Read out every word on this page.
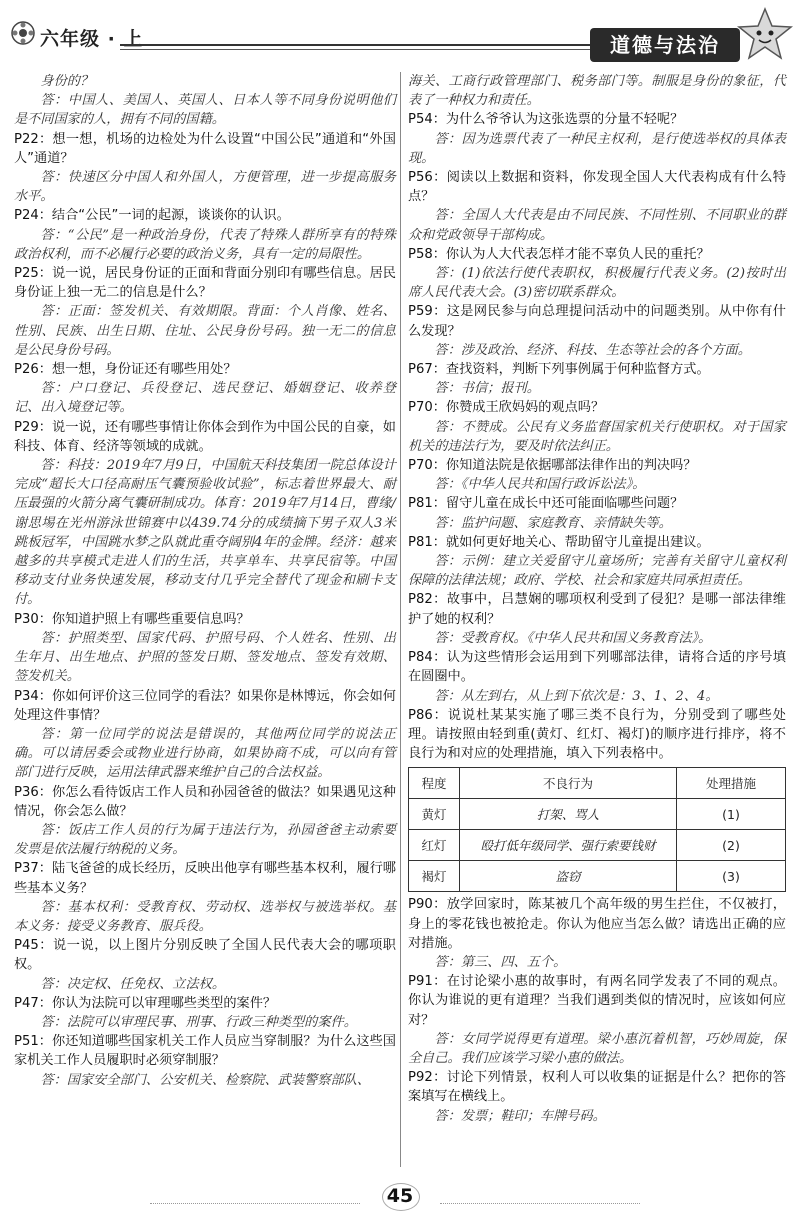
六年级 · 上	道德与法治

身份的？

答：中国人、美国人、英国人、日本人等不同身份说明他们是不同国家的人，拥有不同的国籍。

P22：想一想，机场的边检处为什么设置“中国公民”通道和“外国人”通道？

答：快速区分中国人和外国人，方便管理，进一步提高服务水平。

P24：结合“公民”一词的起源，谈谈你的认识。

答：“公民”是一种政治身份，代表了特殊人群所享有的特殊政治权利，而不必履行必要的政治义务，具有一定的局限性。

P25：说一说，居民身份证的正面和背面分别印有哪些信息。居民身份证上独一无二的信息是什么？

答：正面：签发机关、有效期限。背面：个人肖像、姓名、性别、民族、出生日期、住址、公民身份号码。独一无二的信息是公民身份号码。

P26：想一想，身份证还有哪些用处？

答：户口登记、兵役登记、选民登记、婚姻登记、收养登记、出入境登记等。

P29：说一说，还有哪些事情让你体会到作为中国公民的自豪，如科技、体育、经济等领域的成就。

答：科技：2019年7月9日，中国航天科技集团一院总体设计完成“超长大口径高耐压气囊预验收试验”，标志着世界最大、耐压最强的火箭分离气囊研制成功。体育：2019年7月14日，曹缘/谢思埸在光州游泳世锦赛中以439.74分的成绩摘下男子双人3米跳板冠军，中国跳水梦之队就此重夺阔别4年的金牌。经济：越来越多的共享模式走进人们的生活，共享单车、共享民宿等。中国移动支付业务快速发展，移动支付几乎完全替代了现金和刷卡支付。

P30：你知道护照上有哪些重要信息吗？

答：护照类型、国家代码、护照号码、个人姓名、性别、出生年月、出生地点、护照的签发日期、签发地点、签发有效期、签发机关。

P34：你如何评价这三位同学的看法？如果你是林博远，你会如何处理这件事情？

答：第一位同学的说法是错误的，其他两位同学的说法正确。可以请居委会或物业进行协商，如果协商不成，可以向有管部门进行反映，运用法律武器来维护自己的合法权益。

P36：你怎么看待饭店工作人员和孙园爸爸的做法？如果遇见这种情况，你会怎么做？

答：饭店工作人员的行为属于违法行为，孙园爸爸主动索要发票是依法履行纳税的义务。

P37：陆飞爸爸的成长经历，反映出他享有哪些基本权利，履行哪些基本义务？

答：基本权利：受教育权、劳动权、选举权与被选举权。基本义务：接受义务教育、服兵役。

P45：说一说，以上图片分别反映了全国人民代表大会的哪项职权。

答：决定权、任免权、立法权。

P47：你认为法院可以审理哪些类型的案件？

答：法院可以审理民事、刑事、行政三种类型的案件。

P51：你还知道哪些国家机关工作人员应当穿制服？为什么这些国家机关工作人员履职时必须穿制服？

答：国家安全部门、公安机关、检察院、武装警察部队、

海关、工商行政管理部门、税务部门等。制服是身份的象征，代表了一种权力和责任。

P54：为什么爷爷认为这张选票的分量不轻呢？

答：因为选票代表了一种民主权利，是行使选举权的具体表现。

P56：阅读以上数据和资料，你发现全国人大代表构成有什么特点？

答：全国人大代表是由不同民族、不同性别、不同职业的群众和党政领导干部构成。

P58：你认为人大代表怎样才能不辜负人民的重托？

答：(1)依法行使代表职权，积极履行代表义务。(2)按时出席人民代表大会。(3)密切联系群众。

P59：这是网民参与向总理提问活动中的问题类别。从中你有什么发现？

答：涉及政治、经济、科技、生态等社会的各个方面。

P67：查找资料，判断下列事例属于何种监督方式。

答：书信；报刊。

P70：你赞成王欣妈妈的观点吗？

答：不赞成。公民有义务监督国家机关行使职权。对于国家机关的违法行为，要及时依法纠正。

P70：你知道法院是依据哪部法律作出的判决吗？

答：《中华人民共和国行政诉讼法》。

P81：留守儿童在成长中还可能面临哪些问题？

答：监护问题、家庭教育、亲情缺失等。

P81：就如何更好地关心、帮助留守儿童提出建议。

答：示例：建立关爱留守儿童场所；完善有关留守儿童权利保障的法律法规；政府、学校、社会和家庭共同承担责任。

P82：故事中，吕慧娴的哪项权利受到了侵犯？是哪一部法律维护了她的权利？

答：受教育权。《中华人民共和国义务教育法》。

P84：认为这些情形会运用到下列哪部法律，请将合适的序号填在圆圈中。

答：从左到右，从上到下依次是：3、1、2、4。

P86：说说杜某某实施了哪三类不良行为，分别受到了哪些处理。请按照由轻到重(黄灯、红灯、褐灯)的顺序进行排序，将不良行为和对应的处理措施，填入下列表格中。

程度	不良行为	处理措施
黄灯	打架、骂人	(1)
红灯	殴打低年级同学、强行索要钱财	(2)
褐灯	盗窃	(3)

P90：放学回家时，陈某被几个高年级的男生拦住，不仅被打，身上的零花钱也被抢走。你认为他应当怎么做？请选出正确的应对措施。

答：第三、四、五个。

P91：在讨论梁小惠的故事时，有两名同学发表了不同的观点。你认为谁说的更有道理？当我们遇到类似的情况时，应该如何应对？

答：女同学说得更有道理。梁小惠沉着机智，巧妙周旋，保全自己。我们应该学习梁小惠的做法。

P92：讨论下列情景，权利人可以收集的证据是什么？把你的答案填写在横线上。

答：发票；鞋印；车牌号码。

45
